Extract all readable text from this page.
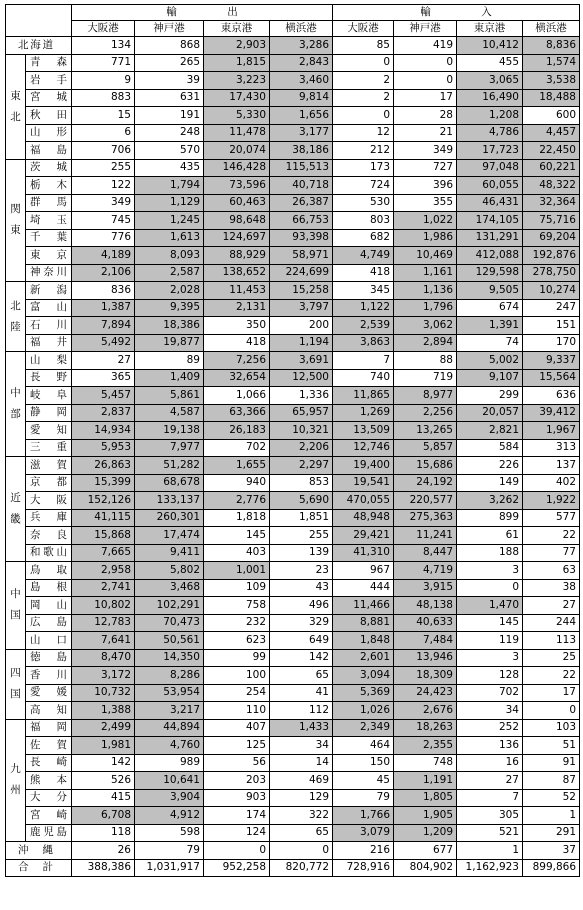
		輸　出				輸　入			
		大阪港	神戸港	東京港	横浜港	大阪港	神戸港	東京港	横浜港
北海道		134	868	2,903	3,286	85	419	10,412	8,836

東
北	青森	771	265	1,815	2,843	0	0	455	1,574
	岩手	9	39	3,223	3,460	2	0	3,065	3,538
	宮城	883	631	17,430	9,814	2	17	16,490	18,488
	秋田	15	191	5,330	1,656	0	28	1,208	600
	山形	6	248	11,478	3,177	12	21	4,786	4,457
	福島	706	570	20,074	38,186	212	349	17,723	22,450

関
東	茨城	255	435	146,428	115,513	173	727	97,048	60,221
	栃木	122	1,794	73,596	40,718	724	396	60,055	48,322
	群馬	349	1,129	60,463	26,387	530	355	46,431	32,364
	埼玉	745	1,245	98,648	66,753	803	1,022	174,105	75,716
	千葉	776	1,613	124,697	93,398	682	1,986	131,291	69,204
	東京	4,189	8,093	88,929	58,971	4,749	10,469	412,088	192,876
	神奈川	2,106	2,587	138,652	224,699	418	1,161	129,598	278,750

北
陸	新潟	836	2,028	11,453	15,258	345	1,136	9,505	10,274
	富山	1,387	9,395	2,131	3,797	1,122	1,796	674	247
	石川	7,894	18,386	350	200	2,539	3,062	1,391	151
	福井	5,492	19,877	418	1,194	3,863	2,894	74	170

中
部	山梨	27	89	7,256	3,691	7	88	5,002	9,337
	長野	365	1,409	32,654	12,500	740	719	9,107	15,564
	岐阜	5,457	5,861	1,066	1,336	11,865	8,977	299	636
	静岡	2,837	4,587	63,366	65,957	1,269	2,256	20,057	39,412
	愛知	14,934	19,138	26,183	10,321	13,509	13,265	2,821	1,967
	三重	5,953	7,977	702	2,206	12,746	5,857	584	313

近
畿	滋賀	26,863	51,282	1,655	2,297	19,400	15,686	226	137
	京都	15,399	68,678	940	853	19,541	24,192	149	402
	大阪	152,126	133,137	2,776	5,690	470,055	220,577	3,262	1,922
	兵庫	41,115	260,301	1,818	1,851	48,948	275,363	899	577
	奈良	15,868	17,474	145	255	29,421	11,241	61	22
	和歌山	7,665	9,411	403	139	41,310	8,447	188	77

中
国	鳥取	2,958	5,802	1,001	23	967	4,719	3	63
	島根	2,741	3,468	109	43	444	3,915	0	38
	岡山	10,802	102,291	758	496	11,466	48,138	1,470	27
	広島	12,783	70,473	232	329	8,881	40,633	145	244
	山口	7,641	50,561	623	649	1,848	7,484	119	113

四
国	徳島	8,470	14,350	99	142	2,601	13,946	3	25
	香川	3,172	8,286	100	65	3,094	18,309	128	22
	愛媛	10,732	53,954	254	41	5,369	24,423	702	17
	高知	1,388	3,217	110	112	1,026	2,676	34	0

九
州	福岡	2,499	44,894	407	1,433	2,349	18,263	252	103
	佐賀	1,981	4,760	125	34	464	2,355	136	51
	長崎	142	989	56	14	150	748	16	91
	熊本	526	10,641	203	469	45	1,191	27	87
	大分	415	3,904	903	129	79	1,805	7	52
	宮崎	6,708	4,912	174	322	1,766	1,905	305	1
	鹿児島	118	598	124	65	3,079	1,209	521	291
沖縄		26	79	0	0	216	677	1	37
合計		388,386	1,031,917	952,258	820,772	728,916	804,902	1,162,923	899,866
